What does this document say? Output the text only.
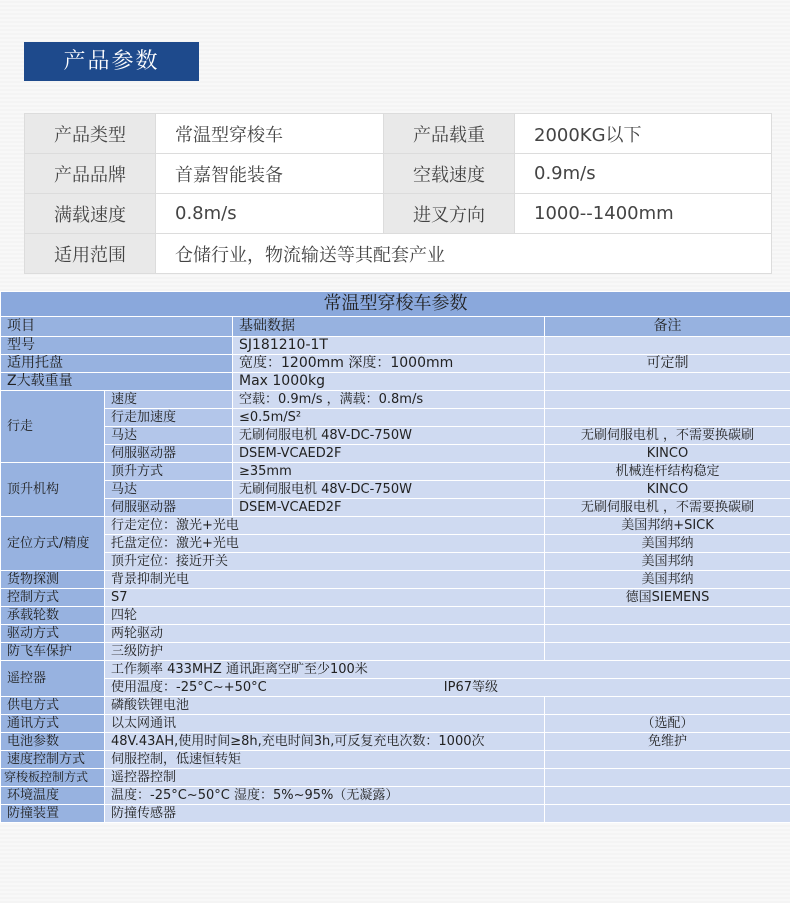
产品参数
产品类型	常温型穿梭车	产品载重	2000KG以下
产品品牌	首嘉智能装备	空载速度	0.9m/s
满载速度	0.8m/s	进叉方向	1000--1400mm
适用范围	仓储行业，物流输送等其配套产业		
常温型穿梭车参数			
项目		基础数据	备注
型号		SJ181210-1T	
适用托盘		宽度：1200mm 深度：1000mm	可定制
Z大载重量		Max 1000kg	
行走	速度	空载：0.9m/s ，满载：0.8m/s	
	行走加速度	≤0.5m/S²	
	马达	无刷伺服电机 48V-DC-750W	无刷伺服电机 ，不需要换碳刷
	伺服驱动器	DSEM-VCAED2F	KINCO
顶升机构	顶升方式	≥35mm	机械连杆结构稳定
	马达	无刷伺服电机 48V-DC-750W	KINCO
	伺服驱动器	DSEM-VCAED2F	无刷伺服电机 ，不需要换碳刷
定位方式/精度	行走定位：激光+光电		美国邦纳+SICK
	托盘定位：激光+光电		美国邦纳
	顶升定位：接近开关		美国邦纳
货物探测	背景抑制光电		美国邦纳
控制方式	S7		德国SIEMENS
承载轮数	四轮		
驱动方式	两轮驱动		
防飞车保护	三级防护		
遥控器	工作频率 433MHZ 通讯距离空旷至少100米		
	使用温度：-25°C~+50°C IP67等级		

供电方式	磷酸铁锂电池		
通讯方式	以太网通讯		（选配）
电池参数	48V.43AH,使用时间≥8h,充电时间3h,可反复充电次数：1000次		免维护
速度控制方式	伺服控制，低速恒转矩		
穿梭板控制方式	遥控器控制		
环境温度	温度：-25°C~50°C 湿度：5%~95%（无凝露）		
防撞装置	防撞传感器		
